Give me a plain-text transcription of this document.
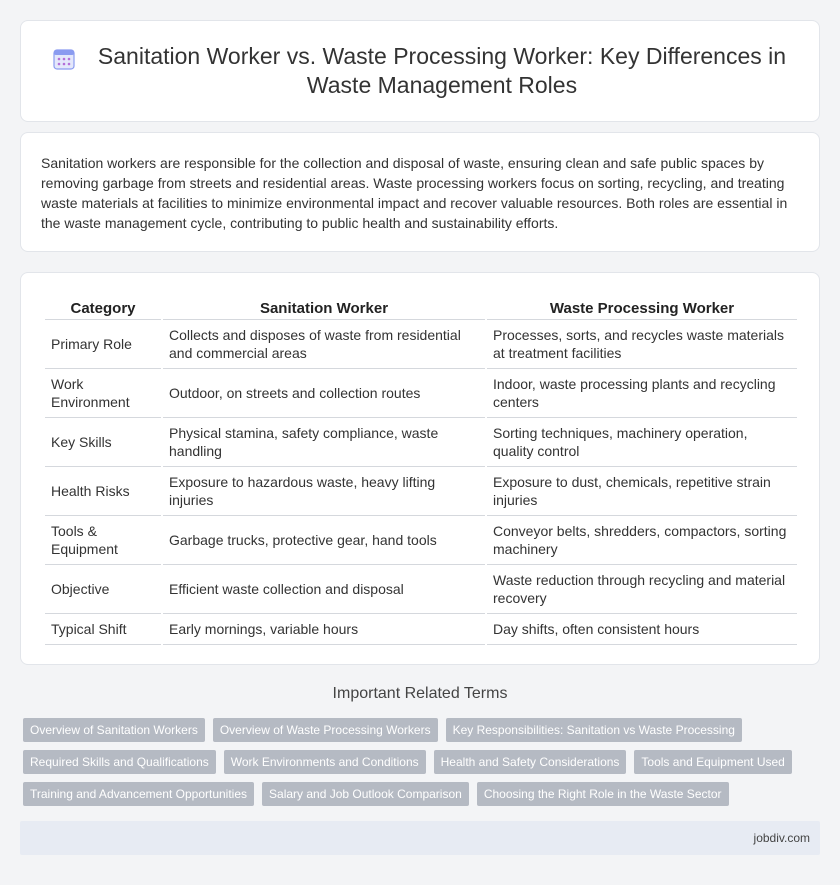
Sanitation Worker vs. Waste Processing Worker: Key Differences in Waste Management Roles

Sanitation workers are responsible for the collection and disposal of waste, ensuring clean and safe public spaces by removing garbage from streets and residential areas. Waste processing workers focus on sorting, recycling, and treating waste materials at facilities to minimize environmental impact and recover valuable resources. Both roles are essential in the waste management cycle, contributing to public health and sustainability efforts.

Category	Sanitation Worker	Waste Processing Worker
Primary Role	Collects and disposes of waste from residential and commercial areas	Processes, sorts, and recycles waste materials at treatment facilities
Work Environment	Outdoor, on streets and collection routes	Indoor, waste processing plants and recycling centers
Key Skills	Physical stamina, safety compliance, waste handling	Sorting techniques, machinery operation, quality control
Health Risks	Exposure to hazardous waste, heavy lifting injuries	Exposure to dust, chemicals, repetitive strain injuries
Tools & Equipment	Garbage trucks, protective gear, hand tools	Conveyor belts, shredders, compactors, sorting machinery
Objective	Efficient waste collection and disposal	Waste reduction through recycling and material recovery
Typical Shift	Early mornings, variable hours	Day shifts, often consistent hours
Important Related Terms
Overview of Sanitation Workers	Overview of Waste Processing Workers	Key Responsibilities: Sanitation vs Waste Processing
Required Skills and Qualifications	Work Environments and Conditions	Health and Safety Considerations	Tools and Equipment Used
Training and Advancement Opportunities	Salary and Job Outlook Comparison	Choosing the Right Role in the Waste Sector
jobdiv.com
